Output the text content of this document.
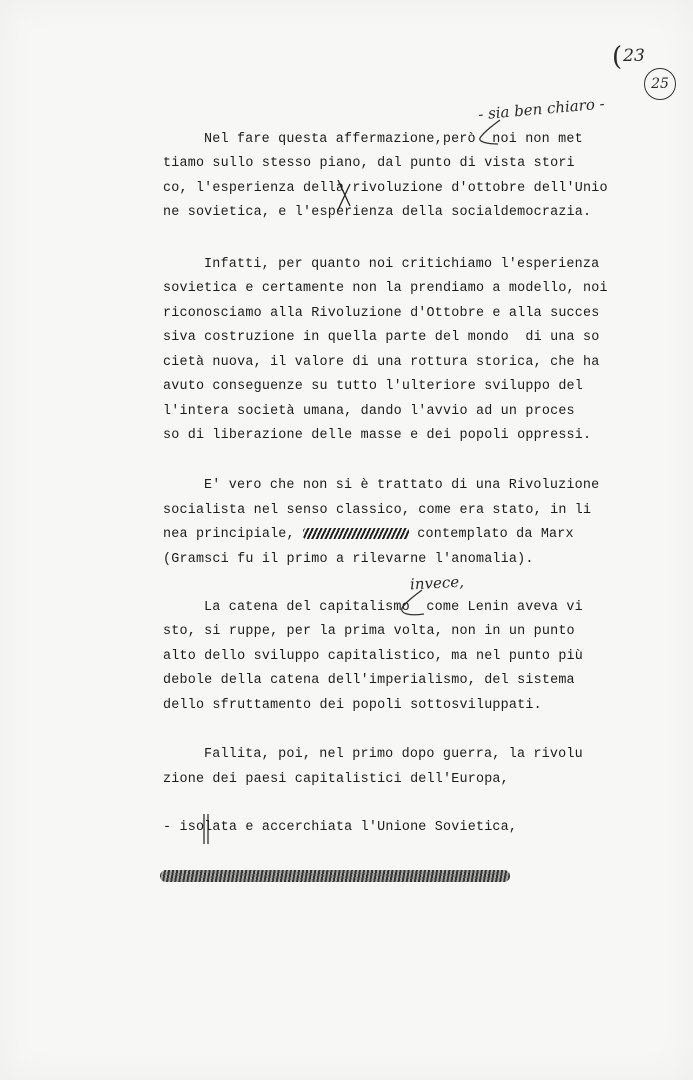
(23
25
- sia ben chiaro -
Nel fare questa affermazione,però  noi non met
tiamo sullo stesso piano, dal punto di vista stori
co, l'esperienza della rivoluzione d'ottobre dell'Unio
ne sovietica, e l'esperienza della socialdemocrazia.
Infatti, per quanto noi critichiamo l'esperienza
sovietica e certamente non la prendiamo a modello, noi
riconosciamo alla Rivoluzione d'Ottobre e alla succes
siva costruzione in quella parte del mondo  di una so
cietà nuova, il valore di una rottura storica, che ha
avuto conseguenze su tutto l'ulteriore sviluppo del
l'intera società umana, dando l'avvio ad un proces
so di liberazione delle masse e dei popoli oppressi.
E' vero che non si è trattato di una Rivoluzione
socialista nel senso classico, come era stato, in li
nea principiale,	contemplato da Marx
(Gramsci fu il primo a rilevarne l'anomalia).
invece,
La catena del capitalismo  come Lenin aveva vi
sto, si ruppe, per la prima volta, non in un punto
alto dello sviluppo capitalistico, ma nel punto più
debole della catena dell'imperialismo, del sistema
dello sfruttamento dei popoli sottosviluppati.
Fallita, poi, nel primo dopo guerra, la rivolu
zione dei paesi capitalistici dell'Europa,
- isolata e accerchiata l'Unione Sovietica,
